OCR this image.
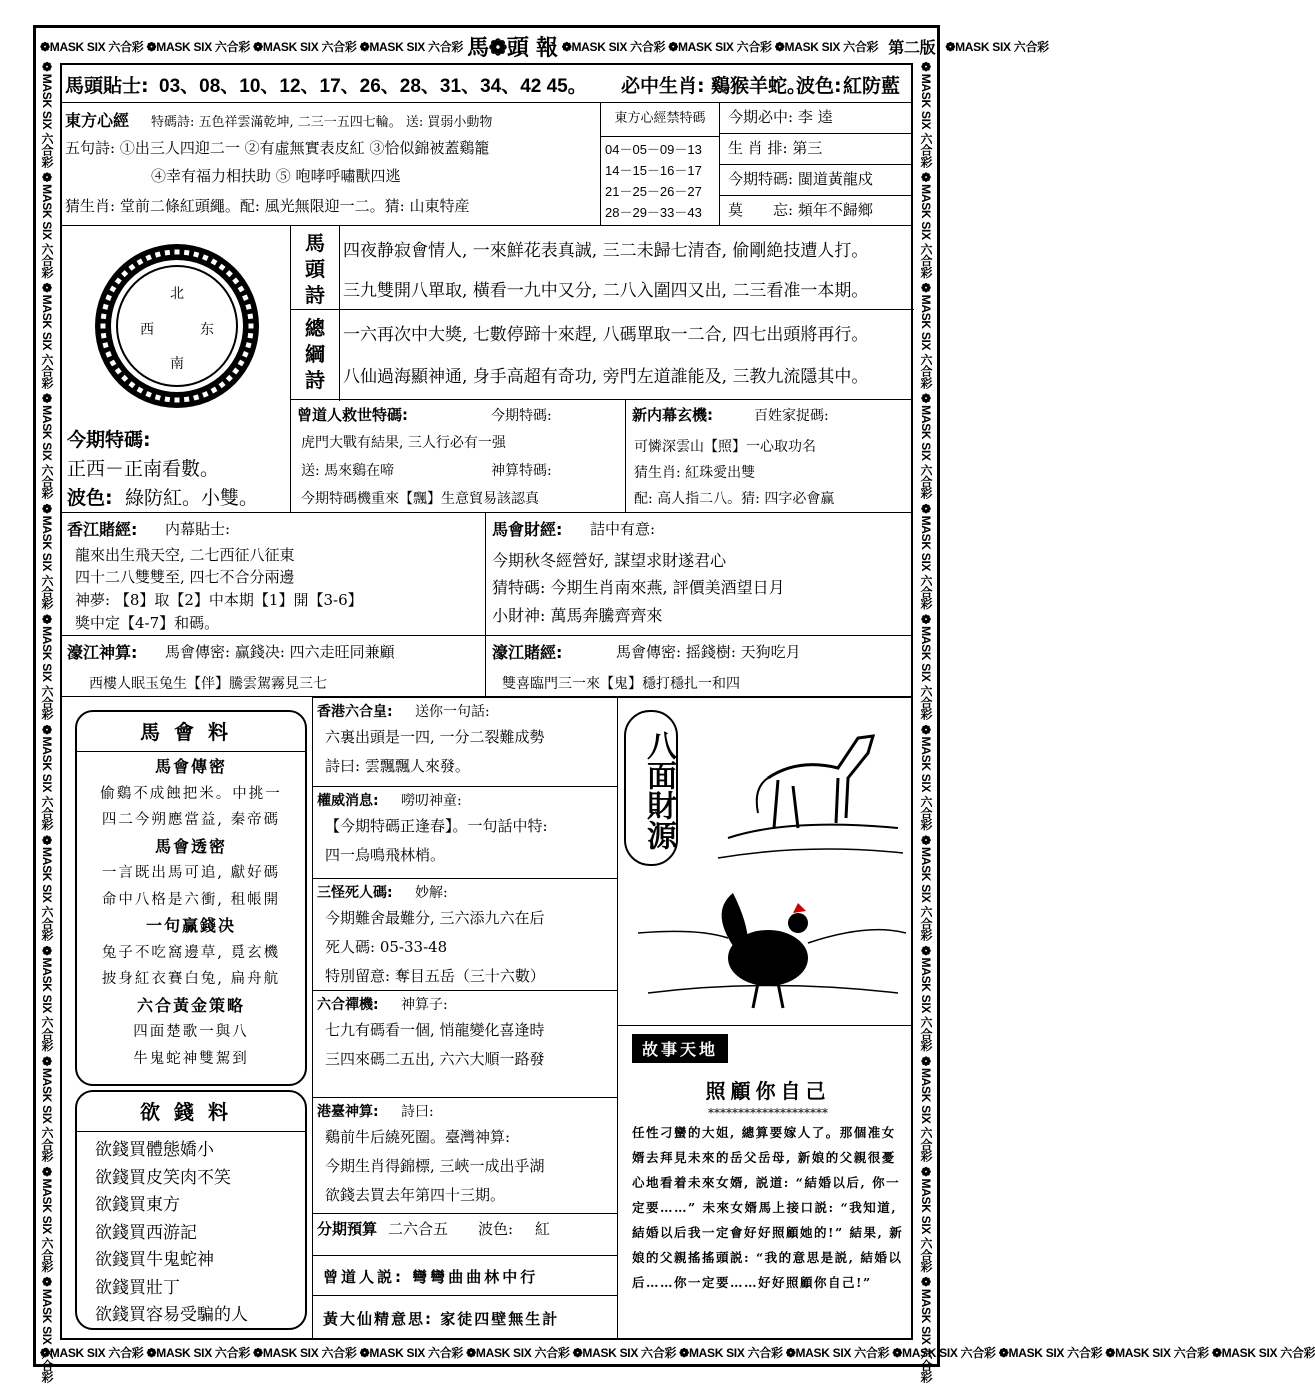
❁MASK SIX 六合彩 ❁MASK SIX 六合彩 ❁MASK SIX 六合彩 ❁MASK SIX 六合彩 馬❁頭 報 ❁MASK SIX 六合彩 ❁MASK SIX 六合彩 ❁MASK SIX 六合彩 第二版 ❁MASK SIX 六合彩
❁MASK SIX 六合彩 ❁MASK SIX 六合彩 ❁MASK SIX 六合彩 ❁MASK SIX 六合彩 ❁MASK SIX 六合彩 ❁MASK SIX 六合彩 ❁MASK SIX 六合彩 ❁MASK SIX 六合彩 ❁MASK SIX 六合彩 ❁MASK SIX 六合彩 ❁MASK SIX 六合彩 ❁MASK SIX 六合彩
❁MASK SIX 六合彩 ❁MASK SIX 六合彩 ❁MASK SIX 六合彩 ❁MASK SIX 六合彩 ❁MASK SIX 六合彩 ❁MASK SIX 六合彩 ❁MASK SIX 六合彩 ❁MASK SIX 六合彩 ❁MASK SIX 六合彩 ❁MASK SIX 六合彩 ❁MASK SIX 六合彩 ❁MASK SIX 六合彩	❁MASK SIX 六合彩 ❁MASK SIX 六合彩 ❁MASK SIX 六合彩 ❁MASK SIX 六合彩 ❁MASK SIX 六合彩 ❁MASK SIX 六合彩 ❁MASK SIX 六合彩 ❁MASK SIX 六合彩 ❁MASK SIX 六合彩 ❁MASK SIX 六合彩 ❁MASK SIX 六合彩 ❁MASK SIX 六合彩
馬頭貼士: 03、08、10、12、17、26、28、31、34、42 45。 必中生肖: 鷄猴羊蛇。
波色: 紅防藍
東方心經 特碼詩: 五色祥雲滿乾坤, 二三一五四七輪。 送: 買弱小動物
五句詩: ①出三人四迎二一 ②有虛無實表皮紅 ③恰似錦被蓋鷄籠
④幸有福力相扶助 ⑤ 咆哮呼嘯獸四逃
猜生肖: 堂前二條紅頭繩。配: 風光無限迎一二。猜: 山東特産
東方心經禁特碼
04－05－09－13
14－15－16－17
21－25－26－27
28－29－33－43
今期必中: 李 逵
生 肖 排: 第三
今期特碼: 閩道黃龍戍
莫　　忘: 頻年不歸鄉
北
西	东
南
馬
頭
詩
總
綱
詩
四夜静寂會情人, 一來鮮花表真誠, 三二未歸七清杳, 偷剛絶技遭人打。
三九雙開八單取, 橫看一九中又分, 二八入圍四又出, 二三看准一本期。
一六再次中大獎, 七數停蹄十來趕, 八碼單取一二合, 四七出頭將再行。
八仙過海顯神通, 身手高超有奇功, 旁門左道誰能及, 三教九流隱其中。
今期特碼:
正西－正南看數。
波色: 綠防紅。小雙。
曾道人救世特碼:	今期特碼:
虎門大戰有結果, 三人行必有一强
送: 馬來鷄在啼	神算特碼:
今期特碼機重來【飄】生意貿易該認真
新内幕玄機:	百姓家捉碼:
可憐深雲山【照】一心取功名
猜生肖: 紅珠愛出雙
配: 高人指二八。猜: 四字必會赢
香江賭經: 内幕貼士:
龍來出生飛天空, 二七西征八征東
四十二八雙雙至, 四七不合分兩邊
神夢: 【8】取【2】中本期【1】開【3-6】
獎中定【4-7】和碼。
馬會財經: 詰中有意:
今期秋冬經營好, 謀望求財遂君心
猜特碼: 今期生肖南來燕, 評價美酒望日月
小財神: 萬馬奔騰齊齊來
濠江神算: 馬會傳密: 赢錢决: 四六走旺同兼顧
西樓人眠玉兔生【伴】騰雲駕霧見三七
濠江賭經:	馬會傳密: 摇錢樹: 天狗吃月
雙喜臨門三一來【鬼】穩打穩扎一和四
馬會料
馬會傳密
偷鷄不成蝕把米。中挑一
四二今朔應當益, 秦帝碼
馬會透密
一言既出馬可追, 獻好碼
命中八格是六衝, 租帳開
一句赢錢决
兔子不吃窩邊草, 覓玄機
披身紅衣賽白兔, 扁舟航
六合黃金策略
四面楚歌一與八
牛鬼蛇神雙駕到
欲錢料
欲錢買體態嬌小
欲錢買皮笑肉不笑
欲錢買東方
欲錢買西游記
欲錢買牛鬼蛇神
欲錢買壯丁
欲錢買容易受騙的人
香港六合皇: 送你一句話:
六裏出頭是一四, 一分二裂難成勢
詩曰: 雲飄飄人來發。
權威消息: 嘮叨神童:
【今期特碼正逢春】。一句話中特:
四一烏鳴飛林梢。
三怪死人碼: 妙解:
今期難舍最難分, 三六添九六在后
死人碼: 05-33-48
特別留意: 奪目五岳（三十六數）
六合禪機: 神算子:
七九有碼看一個, 悄龍變化喜逢時
三四來碼二五出, 六六大順一路發
港臺神算: 詩曰:
鷄前牛后繞死圈。臺灣神算:
今期生肖得錦標, 三峽一成出乎湖
欲錢去買去年第四十三期。
分期預算 二六合五 波色: 紅
曾道人説: 彎彎曲曲林中行
黃大仙精意思: 家徒四壁無生計
八面財源
故事天地
照顧你自己
********************

任性刁蠻的大姐, 總算要嫁人了。那個准女婿去拜見未來的岳父岳母, 新娘的父親很憂心地看着未來女婿, 説道: “結婚以后, 你一定要……” 未來女婿馬上接口説: “我知道, 結婚以后我一定會好好照顧她的!” 結果, 新娘的父親搖搖頭説: “我的意思是説, 結婚以后……你一定要……好好照顧你自己!”
